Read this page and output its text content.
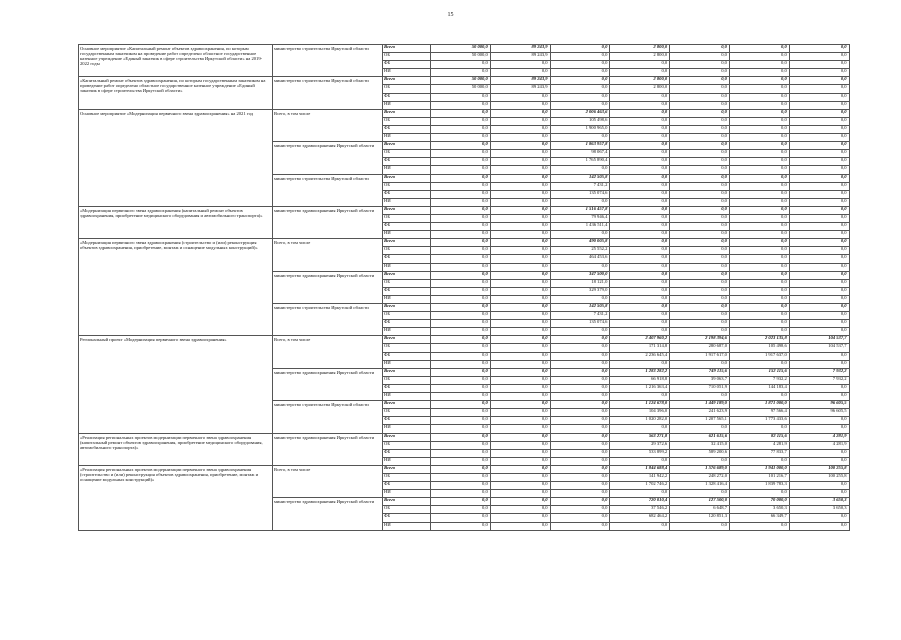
15
Основное мероприятие «Капитальный ремонт объектов здравоохранения, по которым государственным заказчиком на проведение работ определено областное государственное казенное учреждение «Единый заказчик в сфере строительства Иркутской области» на 2019-2022 годы	министерство строительства Иркутской области	Всего	50 000,0	89 243,9	0,0	2 800,0	0,0	0,0	0,0
		ОБ	50 000,0	89 243,9	0,0	2 800,0	0,0	0,0	0,0
		ФБ	0,0	0,0	0,0	0,0	0,0	0,0	0,0
		НИ	0,0	0,0	0,0	0,0	0,0	0,0	0,0
«Капитальный ремонт объектов здравоохранения, по которым государственным заказчиком на проведение работ определено областное государственное казенное учреждение «Единый заказчик в сфере строительства Иркутской области»	министерство строительства Иркутской области	Всего	50 000,0	89 243,9	0,0	2 800,0	0,0	0,0	0,0
		ОБ	50 000,0	89 243,9	0,0	2 800,0	0,0	0,0	0,0
		ФБ	0,0	0,0	0,0	0,0	0,0	0,0	0,0
		НИ	0,0	0,0	0,0	0,0	0,0	0,0	0,0
Основное мероприятие «Модернизация первичного звена здравоохранения» на 2021 год	Всего, в том числе	Всего	0,0	0,0	2 006 463,6	0,0	0,0	0,0	0,0
		ОБ	0,0	0,0	105 498,6	0,0	0,0	0,0	0,0
		ФБ	0,0	0,0	1 900 965,0	0,0	0,0	0,0	0,0
		НИ	0,0	0,0	0,0	0,0	0,0	0,0	0,0
	министерство здравоохранения Иркутской области	Всего	0,0	0,0	1 863 957,8	0,0	0,0	0,0	0,0
		ОБ	0,0	0,0	98 067,4	0,0	0,0	0,0	0,0
		ФБ	0,0	0,0	1 765 890,4	0,0	0,0	0,0	0,0
		НИ	0,0	0,0	0,0	0,0	0,0	0,0	0,0
	министерство строительства Иркутской области	Всего	0,0	0,0	142 505,8	0,0	0,0	0,0	0,0
		ОБ	0,0	0,0	7 431,2	0,0	0,0	0,0	0,0
		ФБ	0,0	0,0	135 074,6	0,0	0,0	0,0	0,0
		НИ	0,0	0,0	0,0	0,0	0,0	0,0	0,0
«Модернизация первичного звена здравоохранения (капитальный ремонт объектов здравоохранения, приобретение медицинского оборудования и автомобильного транспорта)»	министерство здравоохранения Иркутской области	Всего	0,0	0,0	1 516 457,8	0,0	0,0	0,0	0,0
		ОБ	0,0	0,0	79 946,4	0,0	0,0	0,0	0,0
		ФБ	0,0	0,0	1 436 511,4	0,0	0,0	0,0	0,0
		НИ	0,0	0,0	0,0	0,0	0,0	0,0	0,0
«Модернизация первичного звена здравоохранения (строительство и (или) реконструкция объектов здравоохранения, приобретение, монтаж и оснащение модульных конструкций)»	Всего, в том числе	Всего	0,0	0,0	490 005,8	0,0	0,0	0,0	0,0
		ОБ	0,0	0,0	25 552,2	0,0	0,0	0,0	0,0
		ФБ	0,0	0,0	464 453,6	0,0	0,0	0,0	0,0
		НИ	0,0	0,0	0,0	0,0	0,0	0,0	0,0
	министерство здравоохранения Иркутской области	Всего	0,0	0,0	347 500,0	0,0	0,0	0,0	0,0
		ОБ	0,0	0,0	18 121,0	0,0	0,0	0,0	0,0
		ФБ	0,0	0,0	329 379,0	0,0	0,0	0,0	0,0
		НИ	0,0	0,0	0,0	0,0	0,0	0,0	0,0
	министерство строительства Иркутской области	Всего	0,0	0,0	142 505,8	0,0	0,0	0,0	0,0
		ОБ	0,0	0,0	7 431,2	0,0	0,0	0,0	0,0
		ФБ	0,0	0,0	135 074,6	0,0	0,0	0,0	0,0
		НИ	0,0	0,0	0,0	0,0	0,0	0,0	0,0
Региональный проект «Модернизация первичного звена здравоохранения»	Всего, в том числе	Всего	0,0	0,0	0,0	2 407 960,2	2 198 394,6	2 023 135,8	104 537,7
		ОБ	0,0	0,0	0,0	171 314,8	280 687,0	105 498,6	104 537,7
		ФБ	0,0	0,0	0,0	2 236 645,4	1 917 617,0	1 917 637,0	0,0
		НИ	0,0	0,0	0,0	0,0	0,0	0,0	0,0
	министерство здравоохранения Иркутской области	Всего	0,0	0,0	0,0	1 283 282,2	749 115,6	152 115,6	7 932,2
		ОБ	0,0	0,0	0,0	66 918,8	39 063,7	7 932,2	7 932,2
		ФБ	0,0	0,0	0,0	1 216 363,4	710 051,9	144 183,4	0,0
		НИ	0,0	0,0	0,0	0,0	0,0	0,0	0,0
	министерство строительства Иркутской области	Всего	0,0	0,0	0,0	1 124 678,0	1 449 189,0	1 871 000,0	96 605,5
		ОБ	0,0	0,0	0,0	104 396,0	241 623,9	97 566,4	96 605,5
		ФБ	0,0	0,0	0,0	1 020 282,0	1 207 565,1	1 773 433,6	0,0
		НИ	0,0	0,0	0,0	0,0	0,0	0,0	0,0
«Реализация региональных проектов модернизации первичного звена здравоохранения (капитальный ремонт объектов здравоохранения, приобретение медицинского оборудования, автомобильного транспорта)»	министерство здравоохранения Иркутской области	Всего	0,0	0,0	0,0	563 271,8	621 615,6	82 115,6	4 281,9
		ОБ	0,0	0,0	0,0	29 372,6	32 415,0	4 281,9	4 281,9
		ФБ	0,0	0,0	0,0	533 899,2	589 200,6	77 833,7	0,0
		НИ	0,0	0,0	0,0	0,0	0,0	0,0	0,0
«Реализация региональных проектов модернизации первичного звена здравоохранения (строительство и (или) реконструкция объектов здравоохранения, приобретение, монтаж и оснащение модульных конструкций)»	Всего, в том числе	Всего	0,0	0,0	0,0	1 844 688,4	1 576 689,0	1 941 000,0	100 255,8
		ОБ	0,0	0,0	0,0	141 942,2	248 272,0	101 216,7	100 255,8
		ФБ	0,0	0,0	0,0	1 702 746,2	1 328 416,4	1 839 783,3	0,0
		НИ	0,0	0,0	0,0	0,0	0,0	0,0	0,0
	министерство здравоохранения Иркутской области	Всего	0,0	0,0	0,0	720 010,4	127 500,0	70 000,0	3 650,3
		ОБ	0,0	0,0	0,0	37 546,2	6 648,7	3 650,3	3 650,3
		ФБ	0,0	0,0	0,0	682 464,2	120 851,3	66 349,7	0,0
		НИ	0,0	0,0	0,0	0,0	0,0	0,0	0,0
